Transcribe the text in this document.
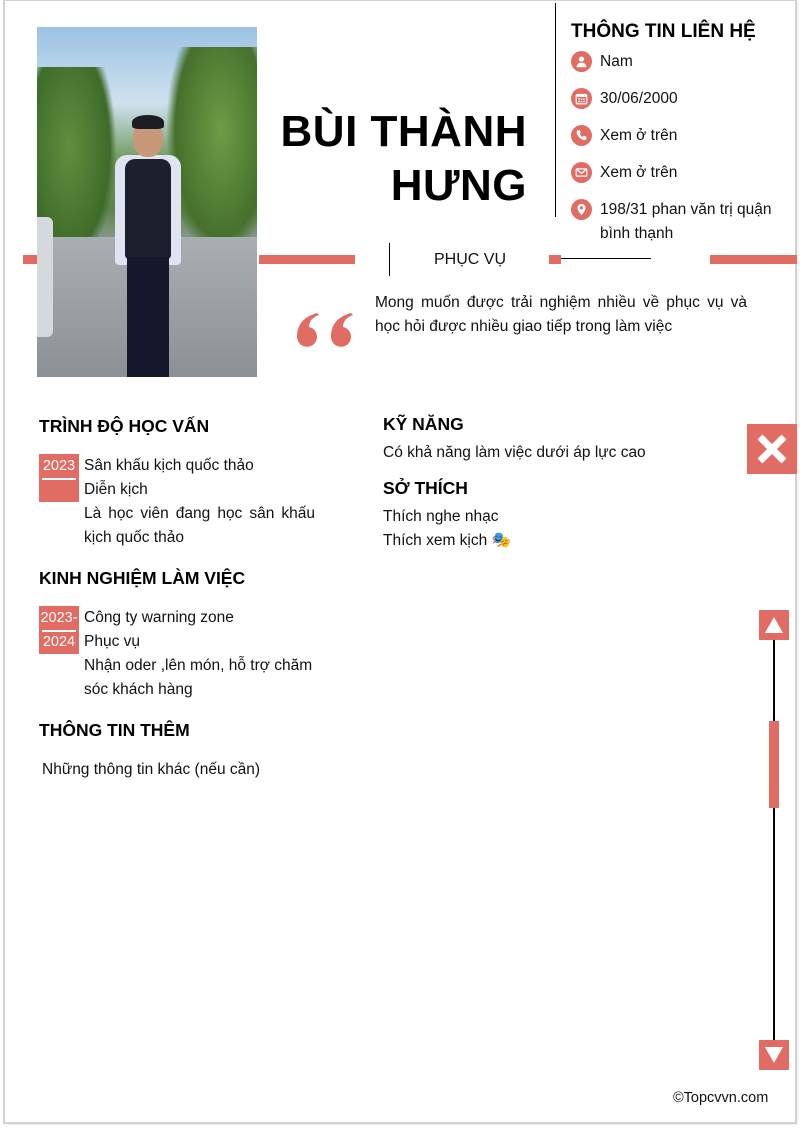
BÙI THÀNH
HƯNG
THÔNG TIN LIÊN HỆ
Nam
30/06/2000
Xem ở trên
Xem ở trên
198/31 phan văn trị quận bình thạnh
PHỤC VỤ
Mong muốn được trải nghiệm nhiều về phục vụ và học hỏi được nhiều giao tiếp trong làm việc
TRÌNH ĐỘ HỌC VẤN
2023 Sân khấu kịch quốc thảo
Diễn kịch
Là học viên đang học sân khấu kịch quốc thảo
KINH NGHIỆM LÀM VIỆC
2023-
2024
Công ty warning zone
Phục vụ
Nhận oder ,lên món, hỗ trợ chăm sóc khách hàng
THÔNG TIN THÊM
Những thông tin khác (nếu cần)
KỸ NĂNG
Có khả năng làm việc dưới áp lực cao
SỞ THÍCH
Thích nghe nhạc
Thích xem kịch 🎭
©Topcvvn.com
